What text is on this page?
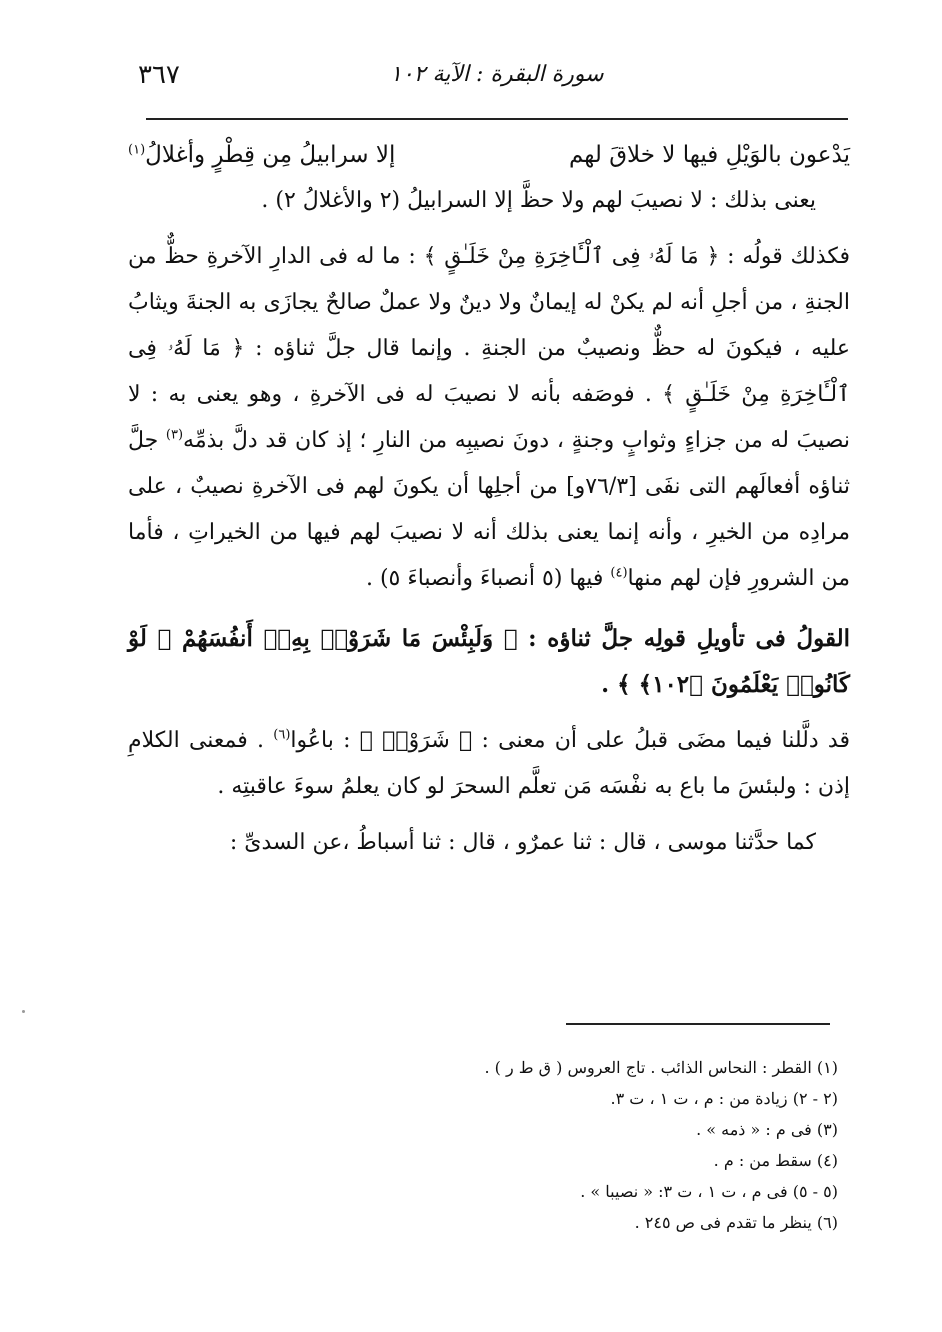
٣٦٧	سورة البقرة : الآية ١٠٢
يَدْعون بالوَيْلِ فيها لا خلاقَ لهم
إلا سرابيلُ مِن قِطْرٍ وأغلالُ$^{(١)}$

يعنى بذلك : لا نصيبَ لهم ولا حظَّ إلا السرابيلُ (٢ والأغلالُ ٢) .

فكذلك قولُه : ﴿ مَا لَهُۥ فِى ٱلْـَٔاخِرَةِ مِنْ خَلَـٰقٍ ﴾ : ما له فى الدارِ الآخرةِ حظٌّ من الجنةِ ، من أجلِ أنه لم يكنْ له إيمانٌ ولا دينٌ ولا عملٌ صالحٌ يجازَى به الجنةَ ويثابُ عليه ، فيكونَ له حظٌّ ونصيبٌ من الجنةِ . وإنما قال جلَّ ثناؤه : ﴿ مَا لَهُۥ فِى ٱلْـَٔاخِرَةِ مِنْ خَلَـٰقٍ ﴾ . فوصَفه بأنه لا نصيبَ له فى الآخرةِ ، وهو يعنى به : لا نصيبَ له من جزاءٍ وثوابٍ وجنةٍ ، دونَ نصيبِه من النارِ ؛ إذ كان قد دلَّ بذمِّه$^{(٣)}$ جلَّ ثناؤه أفعالَهم التى نفَى [٧٦/٣و] من أجلِها أن يكونَ لهم فى الآخرةِ نصيبٌ ، على مرادِه من الخيرِ ، وأنه إنما يعنى بذلك أنه لا نصيبَ لهم فيها من الخيراتِ ، فأما من الشرورِ فإن لهم منها$^{(٤)}$ فيها (٥ أنصباءَ وأنصباءَ ٥) .

القولُ فى تأويلِ قولِه جلَّ ثناؤه : ﴿ وَلَبِئْسَ مَا شَرَوْا۟ بِهِۦٓ أَنفُسَهُمْ ۚ لَوْ كَانُوا۟ يَعْلَمُونَ ﴿١٠٢﴾ ﴾ .

قد دلَّلنا فيما مضَى قبلُ على أن معنى : ﴿ شَرَوْا۟ ﴾ : باعُوا$^{(٦)}$ . فمعنى الكلامِ إذن : ولبئسَ ما باع به نفْسَه مَن تعلَّم السحرَ لو كان يعلمُ سوءَ عاقبتِه .

كما حدَّثنا موسى ، قال : ثنا عمرٌو ، قال : ثنا أسباطُ ،عن السدىِّ :

(١) القطر : النحاس الذائب . تاج العروس ( ق ط ر ) .
(٢ - ٢) زيادة من : م ، ت ١ ، ت ٣.
(٣) فى م : « ذمه » .
(٤) سقط من : م .
(٥ - ٥) فى م ، ت ١ ، ت ٣: « نصيبا » .
(٦) ينظر ما تقدم فى ص ٢٤٥ .
